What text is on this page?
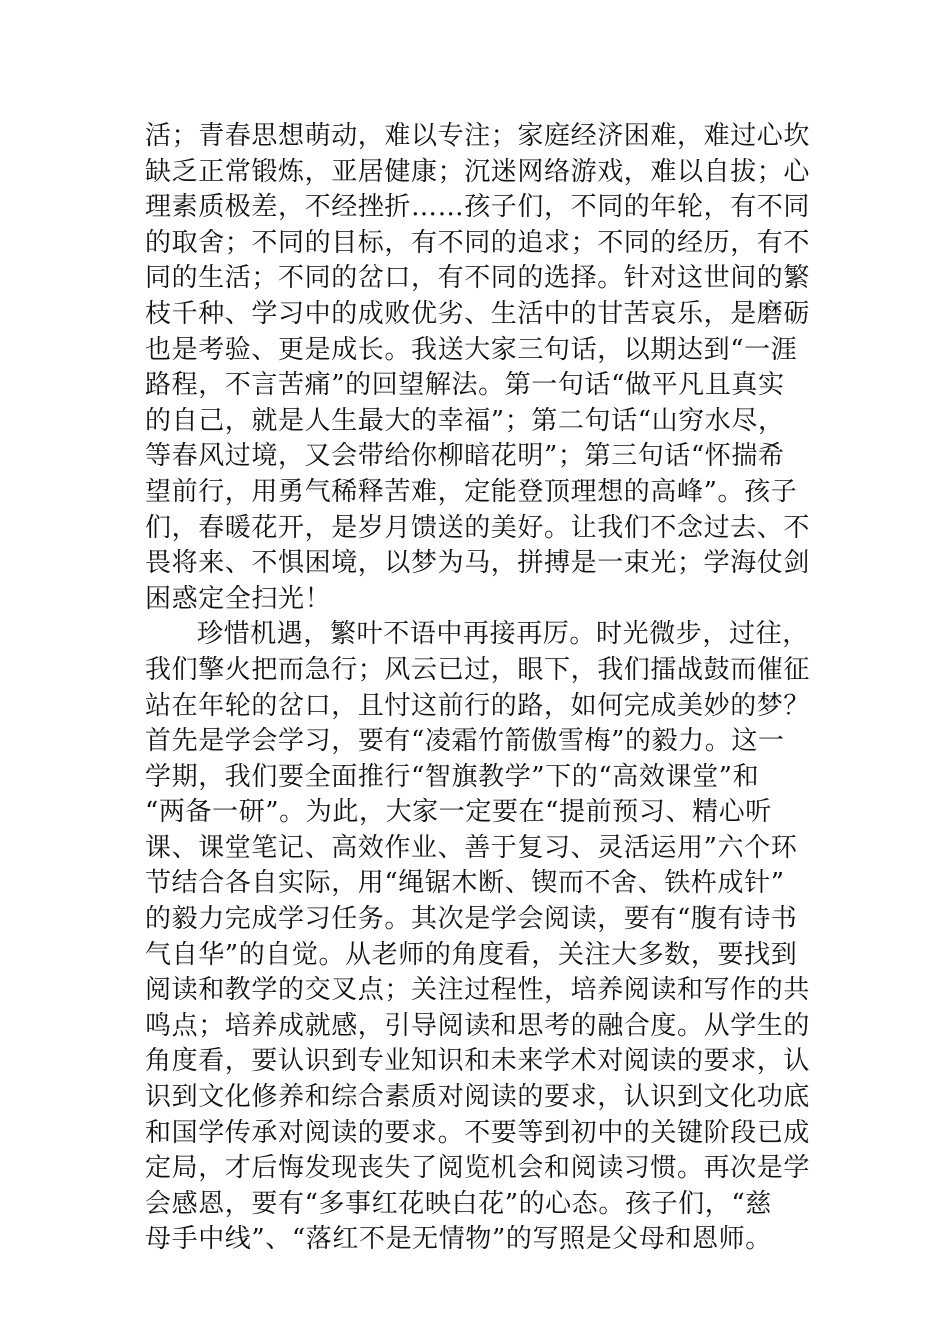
活；青春思想萌动，难以专注；家庭经济困难，难过心坎
缺乏正常锻炼，亚居健康；沉迷网络游戏，难以自拔；心
理素质极差，不经挫折……孩子们，不同的年轮，有不同
的取舍；不同的目标，有不同的追求；不同的经历，有不
同的生活；不同的岔口，有不同的选择。针对这世间的繁
枝千种、学习中的成败优劣、生活中的甘苦哀乐，是磨砺
也是考验、更是成长。我送大家三句话，以期达到“一涯
路程，不言苦痛”的回望解法。第一句话“做平凡且真实
的自己，就是人生最大的幸福”；第二句话“山穷水尽，
等春风过境，又会带给你柳暗花明”；第三句话“怀揣希
望前行，用勇气稀释苦难，定能登顶理想的高峰”。孩子
们，春暖花开，是岁月馈送的美好。让我们不念过去、不
畏将来、不惧困境，以梦为马，拼搏是一束光；学海仗剑
困惑定全扫光！
珍惜机遇，繁叶不语中再接再厉。时光微步，过往，
我们擎火把而急行；风云已过，眼下，我们擂战鼓而催征
站在年轮的岔口，且忖这前行的路，如何完成美妙的梦？
首先是学会学习，要有“凌霜竹箭傲雪梅”的毅力。这一
学期，我们要全面推行“智旗教学”下的“高效课堂”和
“两备一研”。为此，大家一定要在“提前预习、精心听
课、课堂笔记、高效作业、善于复习、灵活运用”六个环
节结合各自实际，用“绳锯木断、锲而不舍、铁杵成针”
的毅力完成学习任务。其次是学会阅读，要有“腹有诗书
气自华”的自觉。从老师的角度看，关注大多数，要找到
阅读和教学的交叉点；关注过程性，培养阅读和写作的共
鸣点；培养成就感，引导阅读和思考的融合度。从学生的
角度看，要认识到专业知识和未来学术对阅读的要求，认
识到文化修养和综合素质对阅读的要求，认识到文化功底
和国学传承对阅读的要求。不要等到初中的关键阶段已成
定局，才后悔发现丧失了阅览机会和阅读习惯。再次是学
会感恩，要有“多事红花映白花”的心态。孩子们，“慈
母手中线”、“落红不是无情物”的写照是父母和恩师。
